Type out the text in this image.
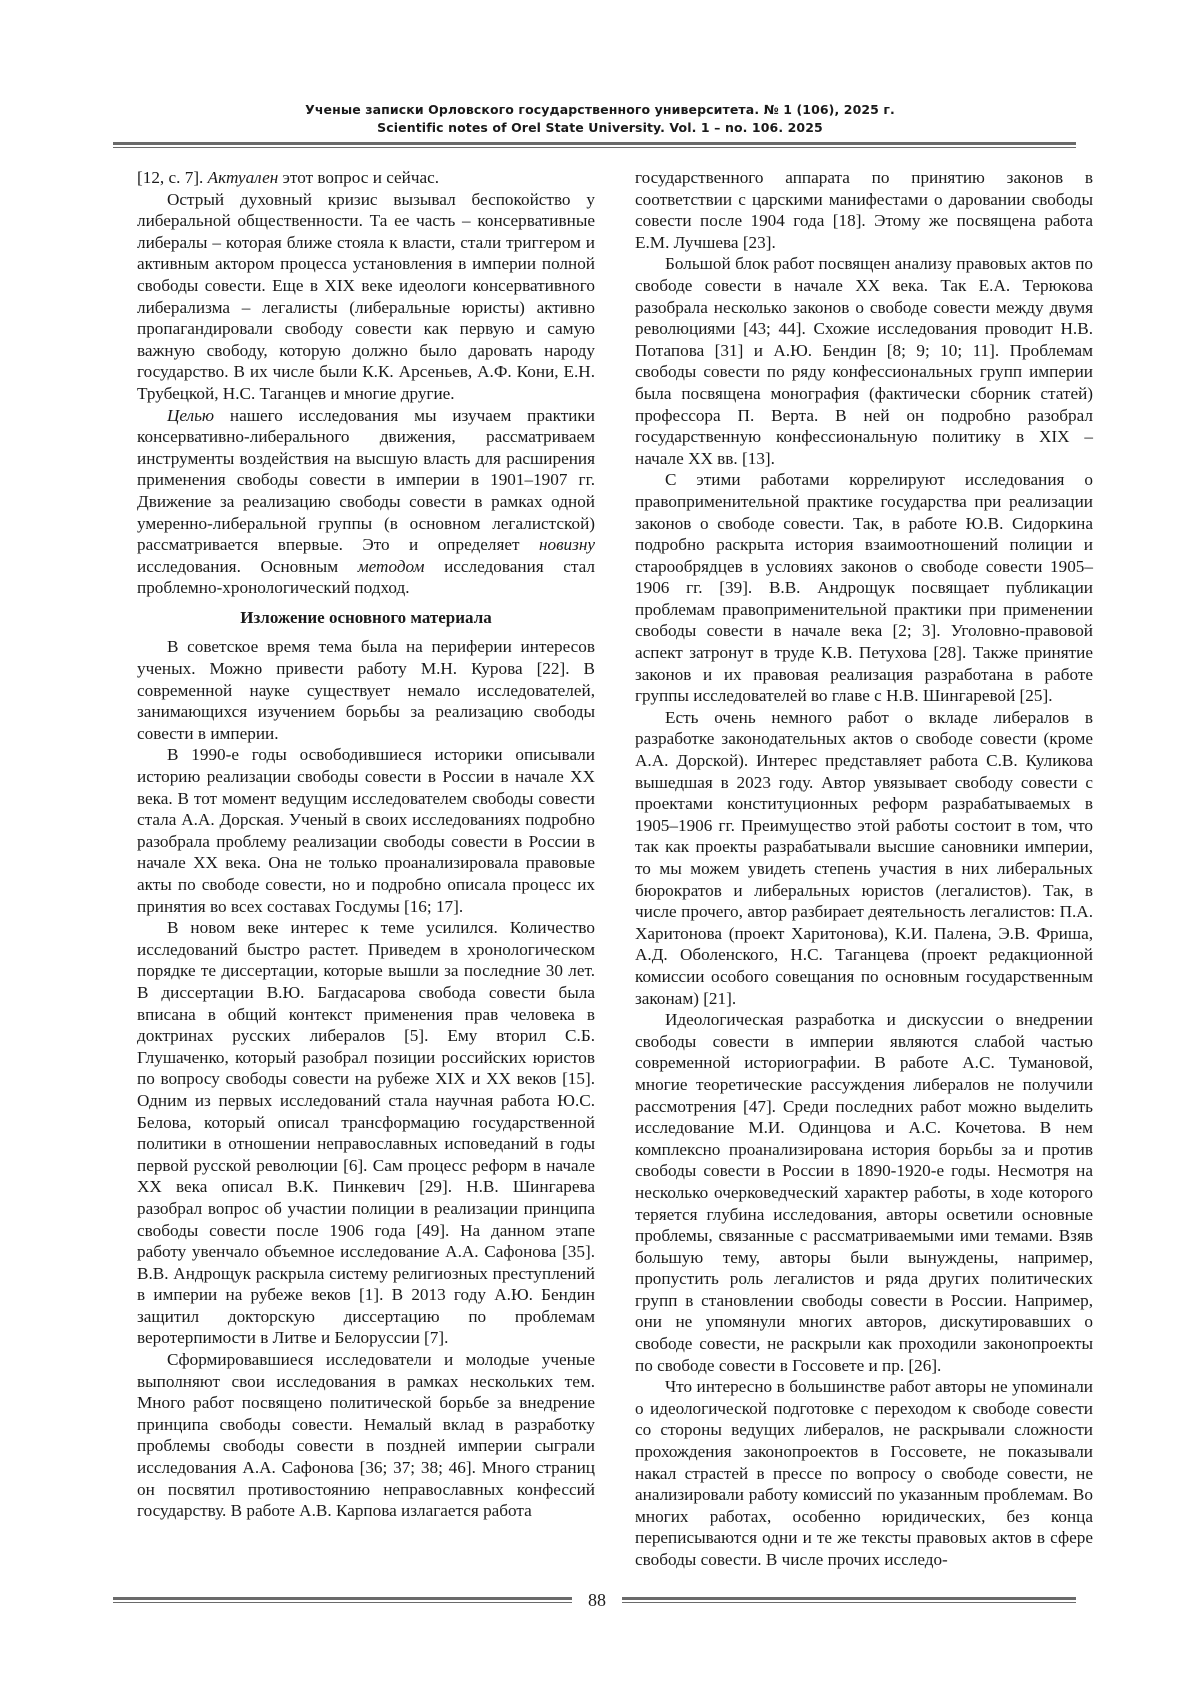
Ученые записки Орловского государственного университета. № 1 (106), 2025 г.
Scientific notes of Orel State University. Vol. 1 – no. 106. 2025

[12, с. 7]. Актуален этот вопрос и сейчас.

Острый духовный кризис вызывал беспокойство у либеральной общественности. Та ее часть – консервативные либералы – которая ближе стояла к власти, стали триггером и активным актором процесса установления в империи полной свободы совести. Еще в XIX веке идеологи консервативного либерализма – легалисты (либеральные юристы) активно пропагандировали свободу совести как первую и самую важную свободу, которую должно было даровать народу государство. В их числе были К.К. Арсеньев, А.Ф. Кони, Е.Н. Трубецкой, Н.С. Таганцев и многие другие.

Целью нашего исследования мы изучаем практики консервативно-либерального движения, рассматриваем инструменты воздействия на высшую власть для расширения применения свободы совести в империи в 1901–1907 гг. Движение за реализацию свободы совести в рамках одной умеренно-либеральной группы (в основном легалистской) рассматривается впервые. Это и определяет новизну исследования. Основным методом исследования стал проблемно-хронологический подход.

Изложение основного материала

В советское время тема была на периферии интересов ученых. Можно привести работу М.Н. Курова [22]. В современной науке существует немало исследователей, занимающихся изучением борьбы за реализацию свободы совести в империи.

В 1990-е годы освободившиеся историки описывали историю реализации свободы совести в России в начале XX века. В тот момент ведущим исследователем свободы совести стала А.А. Дорская. Ученый в своих исследованиях подробно разобрала проблему реализации свободы совести в России в начале XX века. Она не только проанализировала правовые акты по свободе совести, но и подробно описала процесс их принятия во всех составах Госдумы [16; 17].

В новом веке интерес к теме усилился. Количество исследований быстро растет. Приведем в хронологическом порядке те диссертации, которые вышли за последние 30 лет. В диссертации В.Ю. Багдасарова свобода совести была вписана в общий контекст применения прав человека в доктринах русских либералов [5]. Ему вторил С.Б. Глушаченко, который разобрал позиции российских юристов по вопросу свободы совести на рубеже XIX и XX веков [15]. Одним из первых исследований стала научная работа Ю.С. Белова, который описал трансформацию государственной политики в отношении неправославных исповеданий в годы первой русской революции [6]. Сам процесс реформ в начале XX века описал В.К. Пинкевич [29]. Н.В. Шингарева разобрал вопрос об участии полиции в реализации принципа свободы совести после 1906 года [49]. На данном этапе работу увенчало объемное исследование А.А. Сафонова [35]. В.В. Андрощук раскрыла систему религиозных преступлений в империи на рубеже веков [1]. В 2013 году А.Ю. Бендин защитил докторскую диссертацию по проблемам веротерпимости в Литве и Белоруссии [7].

Сформировавшиеся исследователи и молодые ученые выполняют свои исследования в рамках нескольких тем. Много работ посвящено политической борьбе за внедрение принципа свободы совести. Немалый вклад в разработку проблемы свободы совести в поздней империи сыграли исследования А.А. Сафонова [36; 37; 38; 46]. Много страниц он посвятил противостоянию неправославных конфессий государству. В работе А.В. Карпова излагается работа

государственного аппарата по принятию законов в соответствии с царскими манифестами о даровании свободы совести после 1904 года [18]. Этому же посвящена работа Е.М. Лучшева [23].

Большой блок работ посвящен анализу правовых актов по свободе совести в начале XX века. Так Е.А. Терюкова разобрала несколько законов о свободе совести между двумя революциями [43; 44]. Схожие исследования проводит Н.В. Потапова [31] и А.Ю. Бендин [8; 9; 10; 11]. Проблемам свободы совести по ряду конфессиональных групп империи была посвящена монография (фактически сборник статей) профессора П. Верта. В ней он подробно разобрал государственную конфессиональную политику в XIX – начале XX вв. [13].

С этими работами коррелируют исследования о правоприменительной практике государства при реализации законов о свободе совести. Так, в работе Ю.В. Сидоркина подробно раскрыта история взаимоотношений полиции и старообрядцев в условиях законов о свободе совести 1905–1906 гг. [39]. В.В. Андрощук посвящает публикации проблемам правоприменительной практики при применении свободы совести в начале века [2; 3]. Уголовно-правовой аспект затронут в труде К.В. Петухова [28]. Также принятие законов и их правовая реализация разработана в работе группы исследователей во главе с Н.В. Шингаревой [25].

Есть очень немного работ о вкладе либералов в разработке законодательных актов о свободе совести (кроме А.А. Дорской). Интерес представляет работа С.В. Куликова вышедшая в 2023 году. Автор увязывает свободу совести с проектами конституционных реформ разрабатываемых в 1905–1906 гг. Преимущество этой работы состоит в том, что так как проекты разрабатывали высшие сановники империи, то мы можем увидеть степень участия в них либеральных бюрократов и либеральных юристов (легалистов). Так, в числе прочего, автор разбирает деятельность легалистов: П.А. Харитонова (проект Харитонова), К.И. Палена, Э.В. Фриша, А.Д. Оболенского, Н.С. Таганцева (проект редакционной комиссии особого совещания по основным государственным законам) [21].

Идеологическая разработка и дискуссии о внедрении свободы совести в империи являются слабой частью современной историографии. В работе А.С. Тумановой, многие теоретические рассуждения либералов не получили рассмотрения [47]. Среди последних работ можно выделить исследование М.И. Одинцова и А.С. Кочетова. В нем комплексно проанализирована история борьбы за и против свободы совести в России в 1890-1920-е годы. Несмотря на несколько очерковедческий характер работы, в ходе которого теряется глубина исследования, авторы осветили основные проблемы, связанные с рассматриваемыми ими темами. Взяв большую тему, авторы были вынуждены, например, пропустить роль легалистов и ряда других политических групп в становлении свободы совести в России. Например, они не упомянули многих авторов, дискутировавших о свободе совести, не раскрыли как проходили законопроекты по свободе совести в Госсовете и пр. [26].

Что интересно в большинстве работ авторы не упоминали о идеологической подготовке с переходом к свободе совести со стороны ведущих либералов, не раскрывали сложности прохождения законопроектов в Госсовете, не показывали накал страстей в прессе по вопросу о свободе совести, не анализировали работу комиссий по указанным проблемам. Во многих работах, особенно юридических, без конца переписываются одни и те же тексты правовых актов в сфере свободы совести. В числе прочих исследо-

88
